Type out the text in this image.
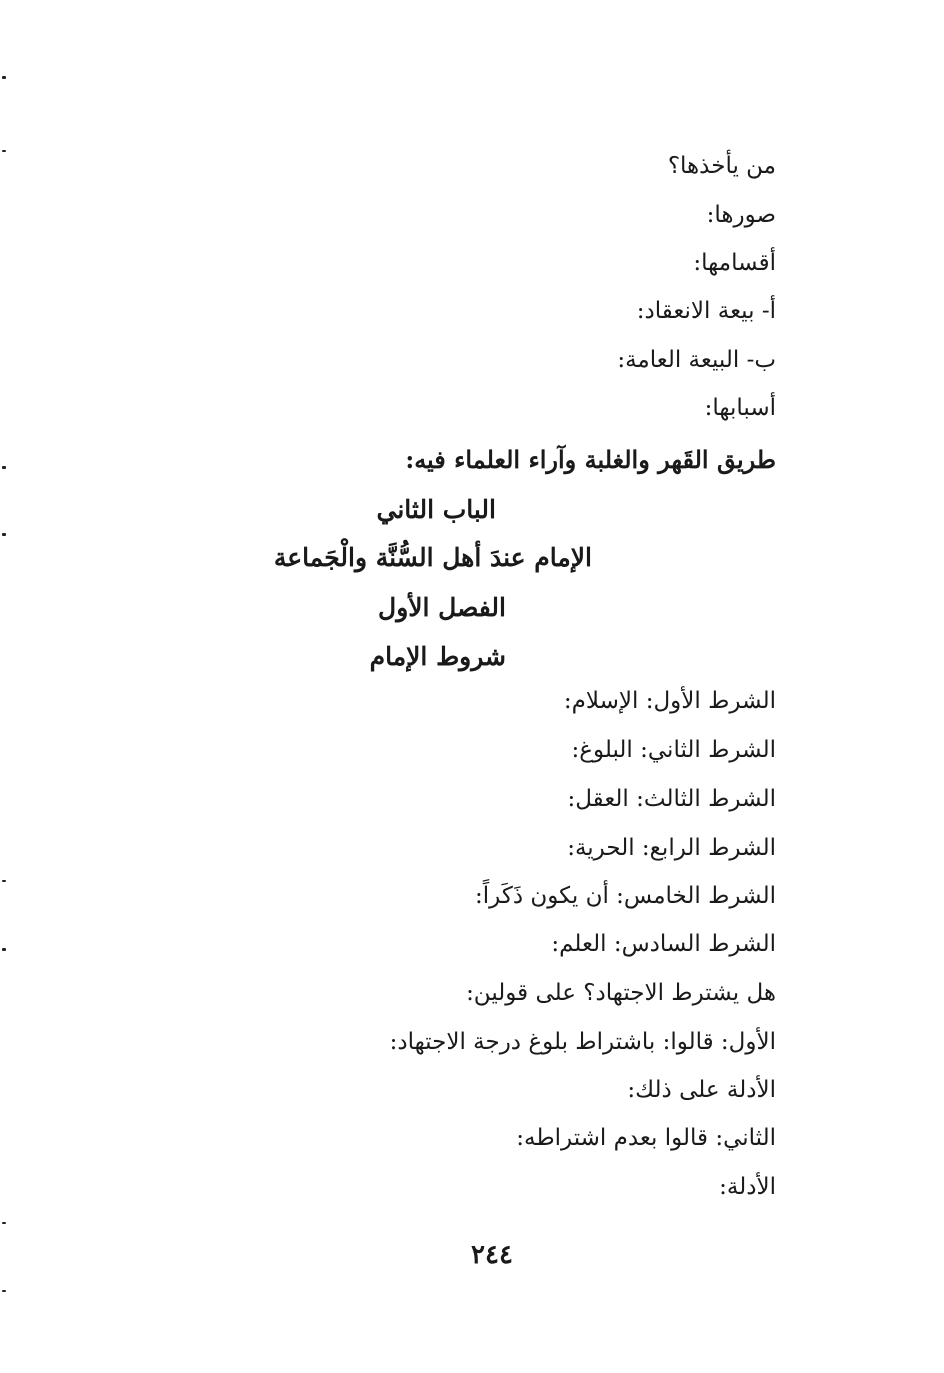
من يأخذها؟
صورها:
أقسامها:
أ- بيعة الانعقاد:
ب- البيعة العامة:
أسبابها:
طريق القَهر والغلبة وآراء العلماء فيه:
الباب الثاني
الإمام عندَ أهل السُّنَّة والْجَماعة
الفصل الأول
شروط الإمام
الشرط الأول: الإسلام:
الشرط الثاني: البلوغ:
الشرط الثالث: العقل:
الشرط الرابع: الحرية:
الشرط الخامس: أن يكون ذَكَراً:
الشرط السادس: العلم:
هل يشترط الاجتهاد؟ على قولين:
الأول: قالوا: باشتراط بلوغ درجة الاجتهاد:
الأدلة على ذلك:
الثاني: قالوا بعدم اشتراطه:
الأدلة:
٢٤٤
